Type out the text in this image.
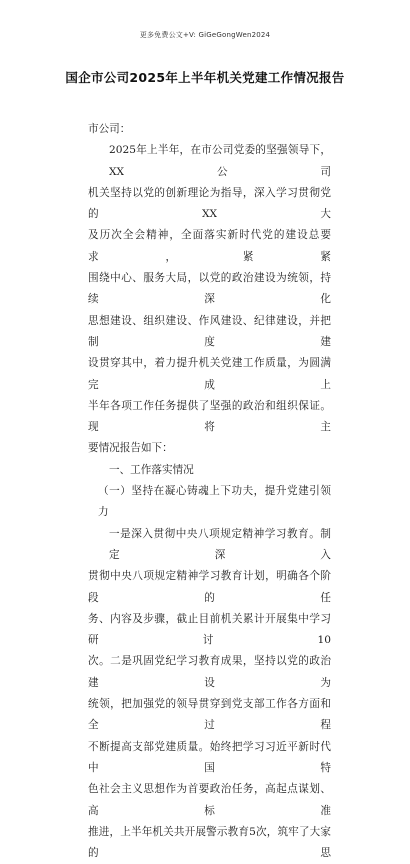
更多免费公文+V: GiGeGongWen2024
国企市公司2025年上半年机关党建工作情况报告

市公司：

2025年上半年，在市公司党委的坚强领导下，XX公司

机关坚持以党的创新理论为指导，深入学习贯彻党的XX大

及历次全会精神，全面落实新时代党的建设总要求，紧紧

围绕中心、服务大局，以党的政治建设为统领，持续深化

思想建设、组织建设、作风建设、纪律建设，并把制度建

设贯穿其中，着力提升机关党建工作质量，为圆满完成上

半年各项工作任务提供了坚强的政治和组织保证。现将主

要情况报告如下：

一、工作落实情况

（一）坚持在凝心铸魂上下功夫，提升党建引领力

一是深入贯彻中央八项规定精神学习教育。制定深入

贯彻中央八项规定精神学习教育计划，明确各个阶段的任

务、内容及步骤，截止目前机关累计开展集中学习研讨10

次。二是巩固党纪学习教育成果，坚持以党的政治建设为

统领，把加强党的领导贯穿到党支部工作各方面和全过程

不断提高支部党建质量。始终把学习习近平新时代中国特

色社会主义思想作为首要政治任务，高起点谋划、高标准

推进，上半年机关共开展警示教育5次，筑牢了大家的思
